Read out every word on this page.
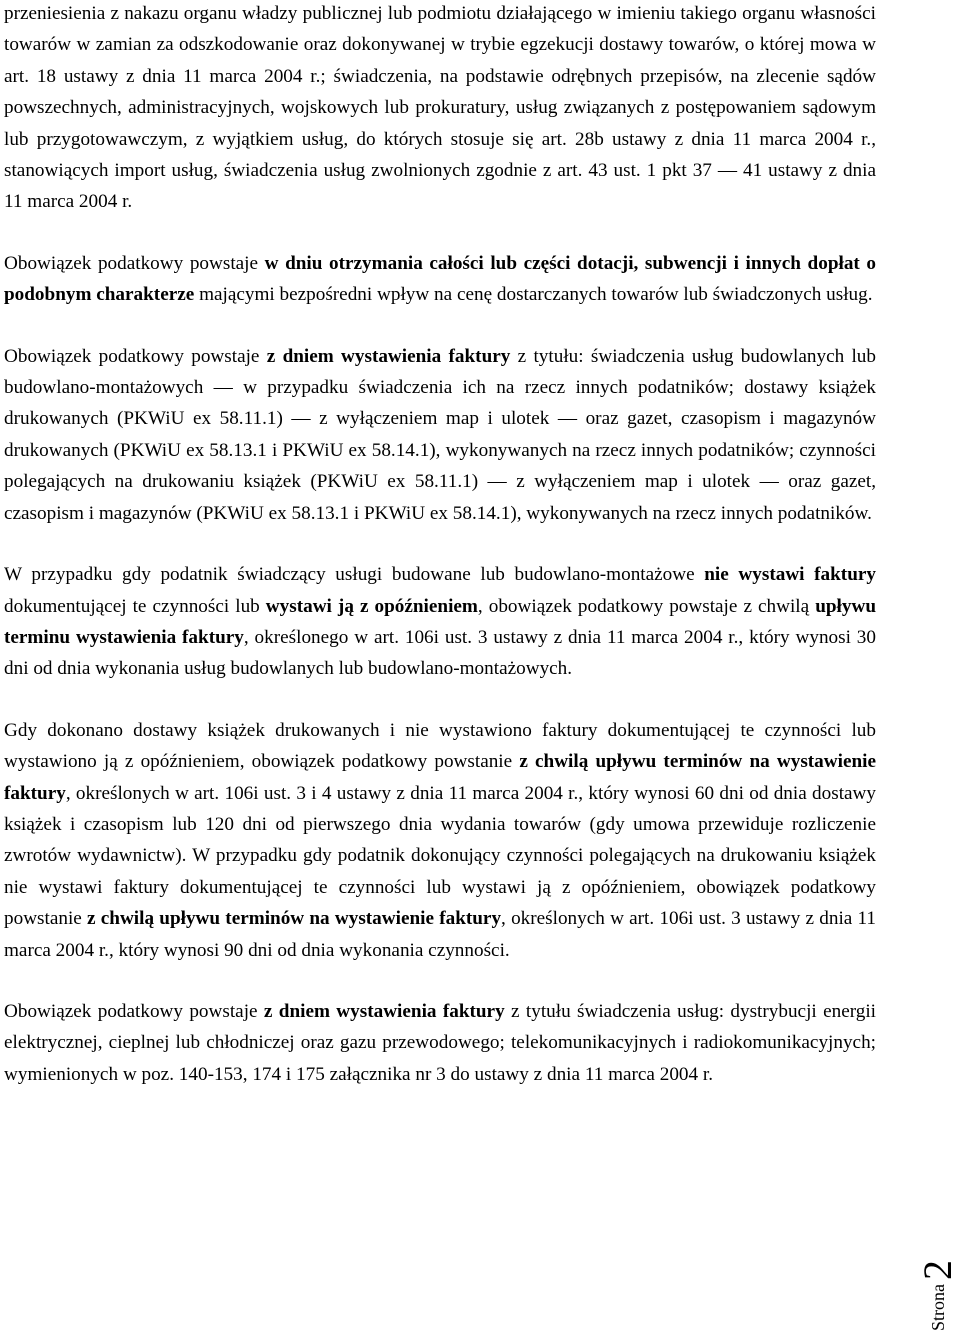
przeniesienia z nakazu organu władzy publicznej lub podmiotu działającego w imieniu takiego organu własności towarów w zamian za odszkodowanie oraz dokonywanej w trybie egzekucji dostawy towarów, o której mowa w art. 18 ustawy z dnia 11 marca 2004 r.; świadczenia, na podstawie odrębnych przepisów, na zlecenie sądów powszechnych, administracyjnych, wojskowych lub prokuratury, usług związanych z postępowaniem sądowym lub przygotowawczym, z wyjątkiem usług, do których stosuje się art. 28b ustawy z dnia 11 marca 2004 r., stanowiących import usług, świadczenia usług zwolnionych zgodnie z art. 43 ust. 1 pkt 37 ― 41 ustawy z dnia 11 marca 2004 r.

Obowiązek podatkowy powstaje w dniu otrzymania całości lub części dotacji, subwencji i innych dopłat o podobnym charakterze mającymi bezpośredni wpływ na cenę dostarczanych towarów lub świadczonych usług.

Obowiązek podatkowy powstaje z dniem wystawienia faktury z tytułu: świadczenia usług budowlanych lub budowlano-montażowych ― w przypadku świadczenia ich na rzecz innych podatników; dostawy książek drukowanych (PKWiU ex 58.11.1) ― z wyłączeniem map i ulotek ― oraz gazet, czasopism i magazynów drukowanych (PKWiU ex 58.13.1 i PKWiU ex 58.14.1), wykonywanych na rzecz innych podatników; czynności polegających na drukowaniu książek (PKWiU ex 58.11.1) ― z wyłączeniem map i ulotek ― oraz gazet, czasopism i magazynów (PKWiU ex 58.13.1 i PKWiU ex 58.14.1), wykonywanych na rzecz innych podatników.

W przypadku gdy podatnik świadczący usługi budowane lub budowlano-montażowe nie wystawi faktury dokumentującej te czynności lub wystawi ją z opóźnieniem, obowiązek podatkowy powstaje z chwilą upływu terminu wystawienia faktury, określonego w art. 106i ust. 3 ustawy z dnia 11 marca 2004 r., który wynosi 30 dni od dnia wykonania usług budowlanych lub budowlano-montażowych.

Gdy dokonano dostawy książek drukowanych i nie wystawiono faktury dokumentującej te czynności lub wystawiono ją z opóźnieniem, obowiązek podatkowy powstanie z chwilą upływu terminów na wystawienie faktury, określonych w art. 106i ust. 3 i 4 ustawy z dnia 11 marca 2004 r., który wynosi 60 dni od dnia dostawy książek i czasopism lub 120 dni od pierwszego dnia wydania towarów (gdy umowa przewiduje rozliczenie zwrotów wydawnictw). W przypadku gdy podatnik dokonujący czynności polegających na drukowaniu książek nie wystawi faktury dokumentującej te czynności lub wystawi ją z opóźnieniem, obowiązek podatkowy powstanie z chwilą upływu terminów na wystawienie faktury, określonych w art. 106i ust. 3 ustawy z dnia 11 marca 2004 r., który wynosi 90 dni od dnia wykonania czynności.

Obowiązek podatkowy powstaje z dniem wystawienia faktury z tytułu świadczenia usług: dystrybucji energii elektrycznej, cieplnej lub chłodniczej oraz gazu przewodowego; telekomunikacyjnych i radiokomunikacyjnych; wymienionych w poz. 140-153, 174 i 175 załącznika nr 3 do ustawy z dnia 11 marca 2004 r.

Strona
2
